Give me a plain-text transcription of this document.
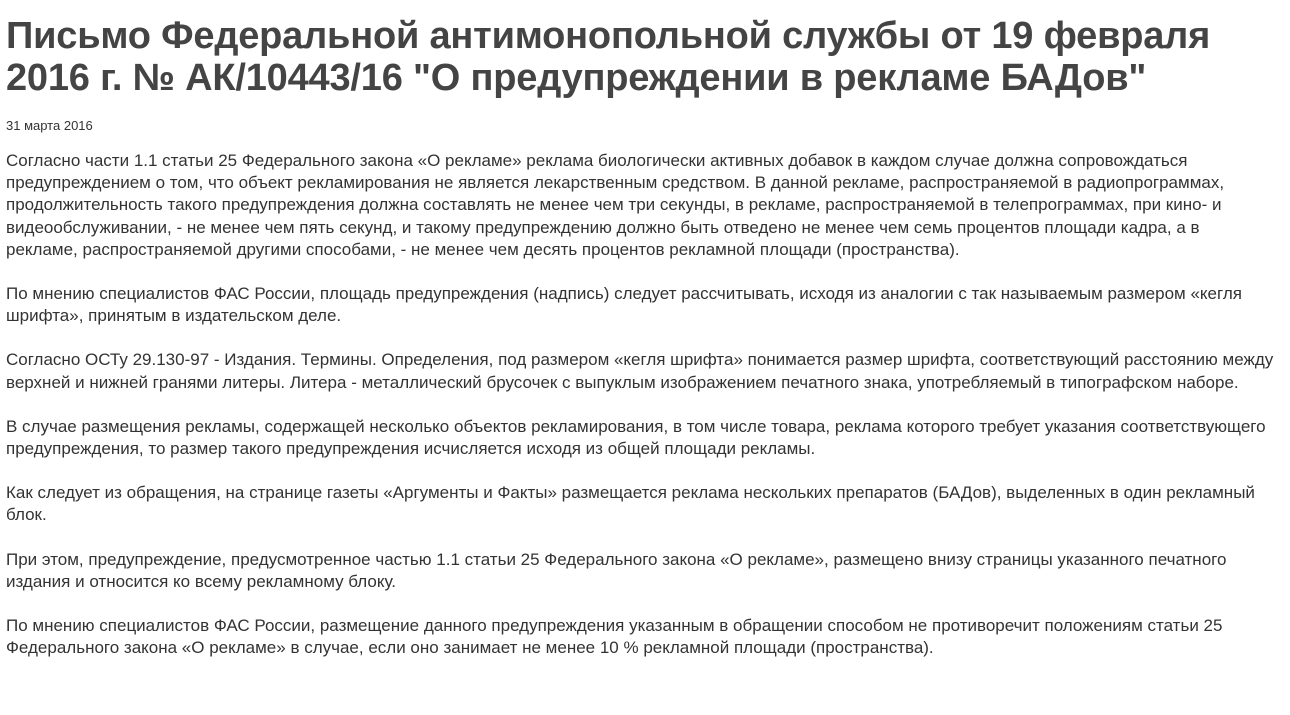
Письмо Федеральной антимонопольной службы от 19 февраля 2016 г. № АК/10443/16 "О предупреждении в рекламе БАДов"
31 марта 2016

Согласно части 1.1 статьи 25 Федерального закона «О рекламе» реклама биологически активных добавок в каждом случае должна сопровождаться предупреждением о том, что объект рекламирования не является лекарственным средством. В данной рекламе, распространяемой в радиопрограммах, продолжительность такого предупреждения должна составлять не менее чем три секунды, в рекламе, распространяемой в телепрограммах, при кино- и видеообслуживании, - не менее чем пять секунд, и такому предупреждению должно быть отведено не менее чем семь процентов площади кадра, а в рекламе, распространяемой другими способами, - не менее чем десять процентов рекламной площади (пространства).

По мнению специалистов ФАС России, площадь предупреждения (надпись) следует рассчитывать, исходя из аналогии с так называемым размером «кегля шрифта», принятым в издательском деле.

Согласно ОСТу 29.130-97 - Издания. Термины. Определения, под размером «кегля шрифта» понимается размер шрифта, соответствующий расстоянию между верхней и нижней гранями литеры. Литера - металлический брусочек с выпуклым изображением печатного знака, употребляемый в типографском наборе.

В случае размещения рекламы, содержащей несколько объектов рекламирования, в том числе товара, реклама которого требует указания соответствующего предупреждения, то размер такого предупреждения исчисляется исходя из общей площади рекламы.

Как следует из обращения, на странице газеты «Аргументы и Факты» размещается реклама нескольких препаратов (БАДов), выделенных в один рекламный блок.

При этом, предупреждение, предусмотренное частью 1.1 статьи 25 Федерального закона «О рекламе», размещено внизу страницы указанного печатного издания и относится ко всему рекламному блоку.

По мнению специалистов ФАС России, размещение данного предупреждения указанным в обращении способом не противоречит положениям статьи 25 Федерального закона «О рекламе» в случае, если оно занимает не менее 10 % рекламной площади (пространства).
